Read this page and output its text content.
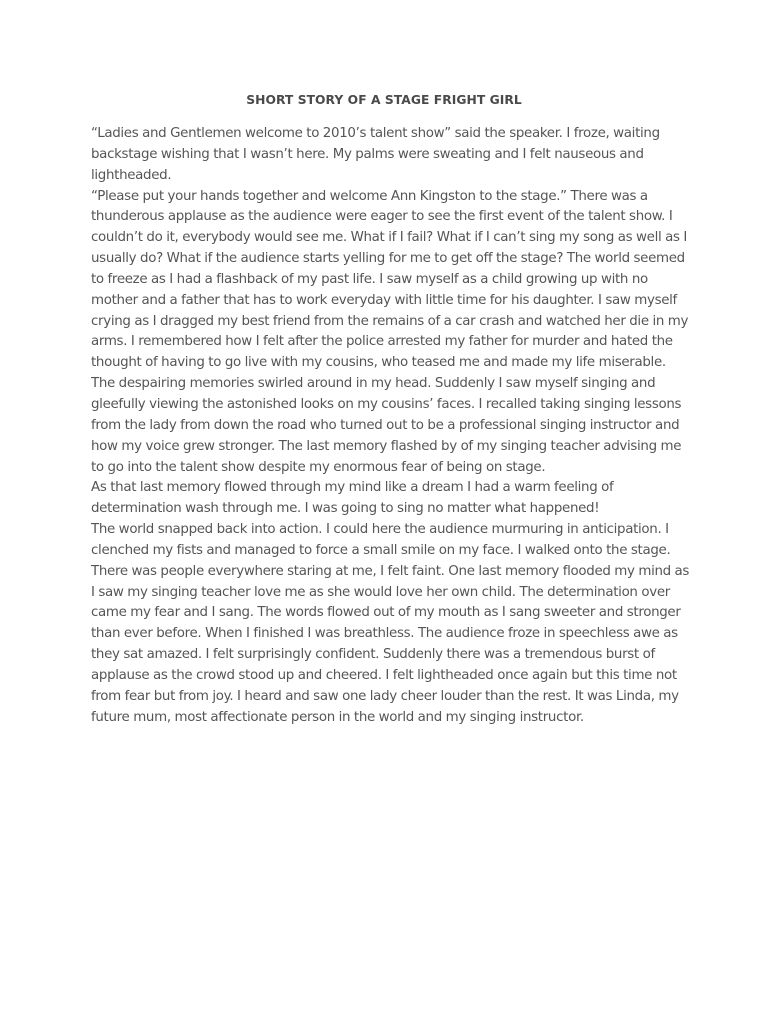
SHORT STORY OF A STAGE FRIGHT GIRL

“Ladies and Gentlemen welcome to 2010’s talent show” said the speaker. I froze, waiting backstage wishing that I wasn’t here. My palms were sweating and I felt nauseous and lightheaded.

“Please put your hands together and welcome Ann Kingston to the stage.” There was a thunderous applause as the audience were eager to see the first event of the talent show. I couldn’t do it, everybody would see me. What if I fail? What if I can’t sing my song as well as I usually do? What if the audience starts yelling for me to get off the stage? The world seemed to freeze as I had a flashback of my past life. I saw myself as a child growing up with no mother and a father that has to work everyday with little time for his daughter. I saw myself crying as I dragged my best friend from the remains of a car crash and watched her die in my arms. I remembered how I felt after the police arrested my father for murder and hated the thought of having to go live with my cousins, who teased me and made my life miserable. The despairing memories swirled around in my head. Suddenly I saw myself singing and gleefully viewing the astonished looks on my cousins’ faces. I recalled taking singing lessons from the lady from down the road who turned out to be a professional singing instructor and how my voice grew stronger. The last memory flashed by of my singing teacher advising me to go into the talent show despite my enormous fear of being on stage.

As that last memory flowed through my mind like a dream I had a warm feeling of determination wash through me. I was going to sing no matter what happened!

The world snapped back into action. I could here the audience murmuring in anticipation. I clenched my fists and managed to force a small smile on my face. I walked onto the stage. There was people everywhere staring at me, I felt faint. One last memory flooded my mind as I saw my singing teacher love me as she would love her own child. The determination over came my fear and I sang. The words flowed out of my mouth as I sang sweeter and stronger than ever before. When I finished I was breathless. The audience froze in speechless awe as they sat amazed. I felt surprisingly confident. Suddenly there was a tremendous burst of applause as the crowd stood up and cheered. I felt lightheaded once again but this time not from fear but from joy. I heard and saw one lady cheer louder than the rest. It was Linda, my future mum, most affectionate person in the world and my singing instructor.
